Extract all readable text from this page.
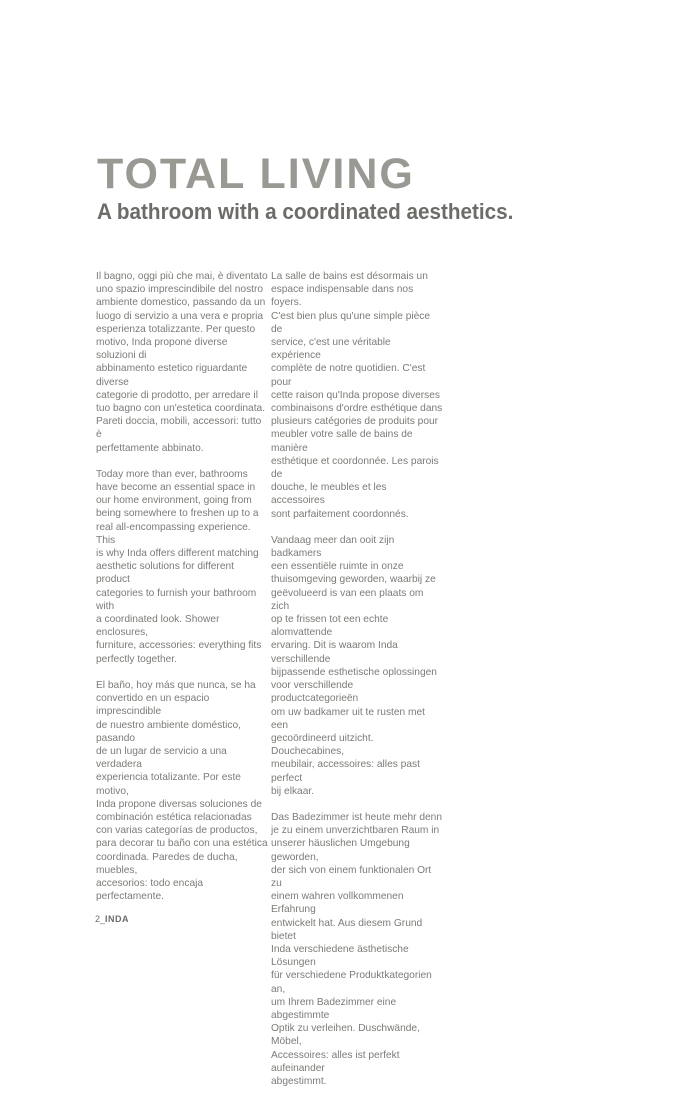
TOTAL LIVING
A bathroom with a coordinated aesthetics.

Il bagno, oggi più che mai, è diventato
uno spazio imprescindibile del nostro
ambiente domestico, passando da un
luogo di servizio a una vera e propria
esperienza totalizzante. Per questo
motivo, Inda propone diverse soluzioni di
abbinamento estetico riguardante diverse
categorie di prodotto, per arredare il
tuo bagno con un'estetica coordinata.
Pareti doccia, mobili, accessori: tutto è
perfettamente abbinato.

Today more than ever, bathrooms
have become an essential space in
our home environment, going from
being somewhere to freshen up to a
real all-encompassing experience. This
is why Inda offers different matching
aesthetic solutions for different product
categories to furnish your bathroom with
a coordinated look. Shower enclosures,
furniture, accessories: everything fits
perfectly together.

El baño, hoy más que nunca, se ha
convertido en un espacio imprescindible
de nuestro ambiente doméstico, pasando
de un lugar de servicio a una verdadera
experiencia totalizante. Por este motivo,
Inda propone diversas soluciones de
combinación estética relacionadas
con varias categorías de productos,
para decorar tu baño con una estética
coordinada. Paredes de ducha, muebles,
accesorios: todo encaja perfectamente.

La salle de bains est désormais un
espace indispensable dans nos foyers.
C'est bien plus qu'une simple pièce de
service, c'est une véritable expérience
complète de notre quotidien. C'est pour
cette raison qu'Inda propose diverses
combinaisons d'ordre esthétique dans
plusieurs catégories de produits pour
meubler votre salle de bains de manière
esthétique et coordonnée. Les parois de
douche, le meubles et les accessoires
sont parfaitement coordonnés.

Vandaag meer dan ooit zijn badkamers
een essentiële ruimte in onze
thuisomgeving geworden, waarbij ze
geëvolueerd is van een plaats om zich
op te frissen tot een echte alomvattende
ervaring. Dit is waarom Inda verschillende
bijpassende esthetische oplossingen
voor verschillende productcategorieën
om uw badkamer uit te rusten met een
gecoördineerd uitzicht. Douchecabines,
meubilair, accessoires: alles past perfect
bij elkaar.

Das Badezimmer ist heute mehr denn
je zu einem unverzichtbaren Raum in
unserer häuslichen Umgebung geworden,
der sich von einem funktionalen Ort zu
einem wahren vollkommenen Erfahrung
entwickelt hat. Aus diesem Grund bietet
Inda verschiedene ästhetische Lösungen
für verschiedene Produktkategorien an,
um Ihrem Badezimmer eine abgestimmte
Optik zu verleihen. Duschwände, Möbel,
Accessoires: alles ist perfekt aufeinander
abgestimmt.

2_INDA
